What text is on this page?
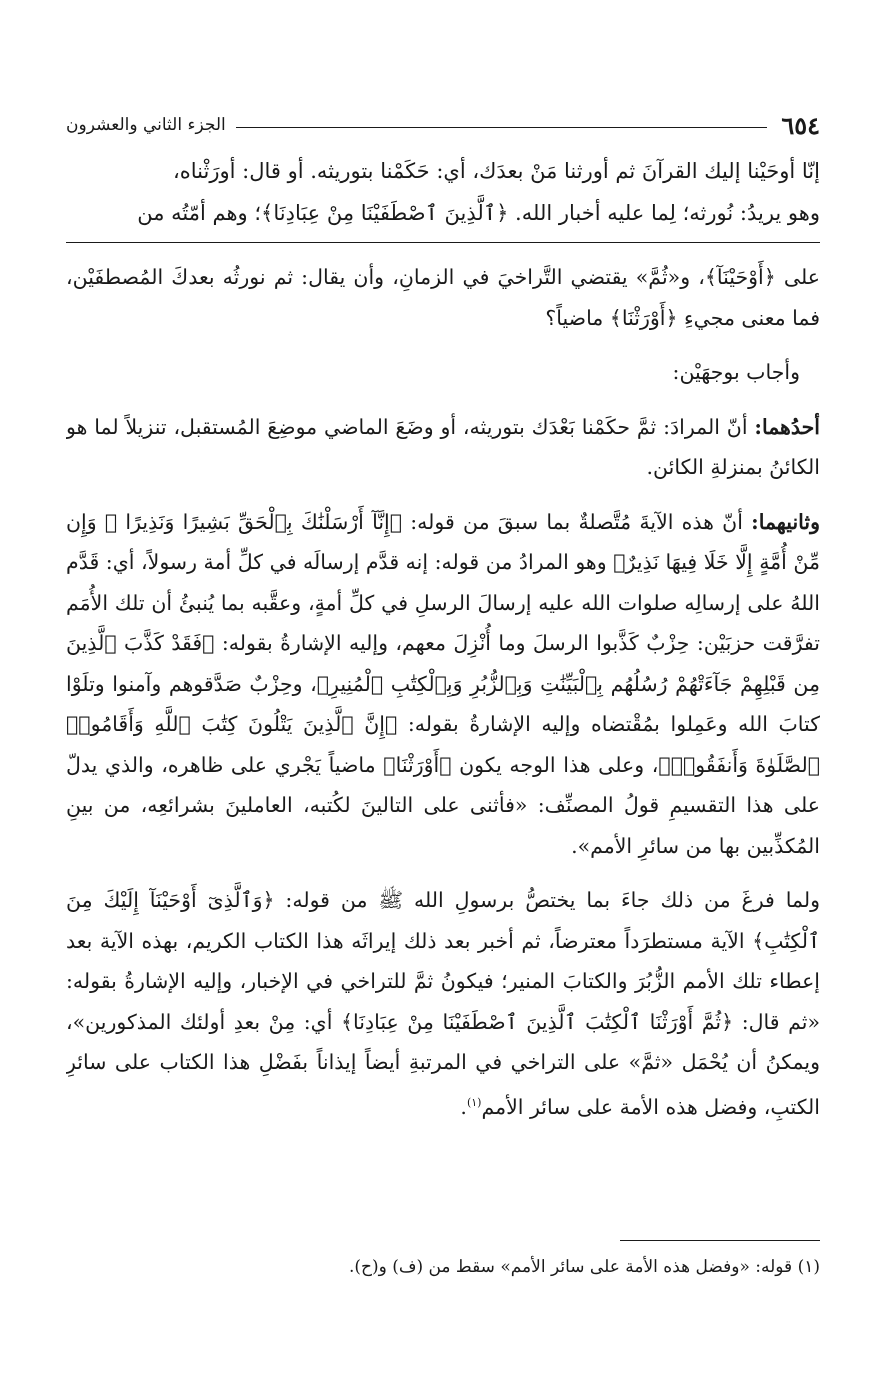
٦٥٤
الجزء الثاني والعشرون
إنّا أوحَيْنا إليك القرآنَ ثم أورثنا مَنْ بعدَك، أي: حَكَمْنا بتوريثه. أو قال: أورَثْناه،
وهو يريدُ: نُورثه؛ لِما عليه أخبار الله. ﴿ٱلَّذِينَ ٱصْطَفَيْنَا مِنْ عِبَادِنَا﴾؛ وهم أمّتُه من

على ﴿أَوْحَيْنَآ﴾، و«ثُمَّ» يقتضي التَّراخيَ في الزمانِ، وأن يقال: ثم نورثُه بعدكَ المُصطفَيْن، فما معنى مجيءِ ﴿أَوْرَثْنَا﴾ ماضياً؟

وأجاب بوجهَيْن:

أحدُهما: أنّ المرادَ: ثمَّ حكَمْنا بَعْدَك بتوريثه، أو وضَعَ الماضي موضِعَ المُستقبل، تنزيلاً لما هو الكائنُ بمنزلةِ الكائن.

وثانيهما: أنّ هذه الآيةَ مُتَّصلةٌ بما سبقَ من قوله: ﴿إِنَّآ أَرْسَلْنَٰكَ بِٱلْحَقِّ بَشِيرًا وَنَذِيرًا ۚ وَإِن مِّنْ أُمَّةٍ إِلَّا خَلَا فِيهَا نَذِيرٌ﴾ وهو المرادُ من قوله: إنه قدَّم إرسالَه في كلِّ أمة رسولاً، أي: قَدَّم اللهُ على إرسالِه صلوات الله عليه إرسالَ الرسلِ في كلِّ أمةٍ، وعقَّبه بما يُنبئُ أن تلك الأُمَم تفرَّقت حزبَيْن: حِزْبٌ كَذَّبوا الرسلَ وما أُنْزِلَ معهم، وإليه الإشارةُ بقوله: ﴿فَقَدْ كَذَّبَ ٱلَّذِينَ مِن قَبْلِهِمْ جَآءَتْهُمْ رُسُلُهُم بِٱلْبَيِّنَٰتِ وَبِٱلزُّبُرِ وَبِٱلْكِتَٰبِ ٱلْمُنِيرِ﴾، وحِزْبٌ صَدَّقوهم وآمنوا وتلَوْا كتابَ الله وعَمِلوا بمُقْتضاه وإليه الإشارةُ بقوله: ﴿إِنَّ ٱلَّذِينَ يَتْلُونَ كِتَٰبَ ٱللَّهِ وَأَقَامُوا۟ ٱلصَّلَوٰةَ وَأَنفَقُوا۟﴾، وعلى هذا الوجه يكون ﴿أَوْرَثْنَا﴾ ماضياً يَجْري على ظاهره، والذي يدلّ على هذا التقسيمِ قولُ المصنِّف: «فأثنى على التالينَ لكُتبه، العاملينَ بشرائعِه، من بينِ المُكذِّبين بها من سائرِ الأمم».

ولما فرغَ من ذلك جاءَ بما يختصُّ برسولِ الله ﷺ من قوله: ﴿وَٱلَّذِىٓ أَوْحَيْنَآ إِلَيْكَ مِنَ ٱلْكِتَٰبِ﴾ الآية مستطرَداً معترضاً، ثم أخبر بعد ذلك إيراثَه هذا الكتاب الكريم، بهذه الآية بعد إعطاء تلك الأمم الزُّبُرَ والكتابَ المنير؛ فيكونُ ثمَّ للتراخي في الإخبار، وإليه الإشارةُ بقوله: «ثم قال: ﴿ثُمَّ أَوْرَثْنَا ٱلْكِتَٰبَ ٱلَّذِينَ ٱصْطَفَيْنَا مِنْ عِبَادِنَا﴾ أي: مِنْ بعدِ أولئك المذكورين»، ويمكنُ أن يُحْمَل «ثمَّ» على التراخي في المرتبةِ أيضاً إيذاناً بفَضْلِ هذا الكتاب على سائرِ الكتبِ، وفضل هذه الأمة على سائر الأمم$^{(١)}$.

(١) قوله: «وفضل هذه الأمة على سائر الأمم» سقط من (ف) و(ح).
